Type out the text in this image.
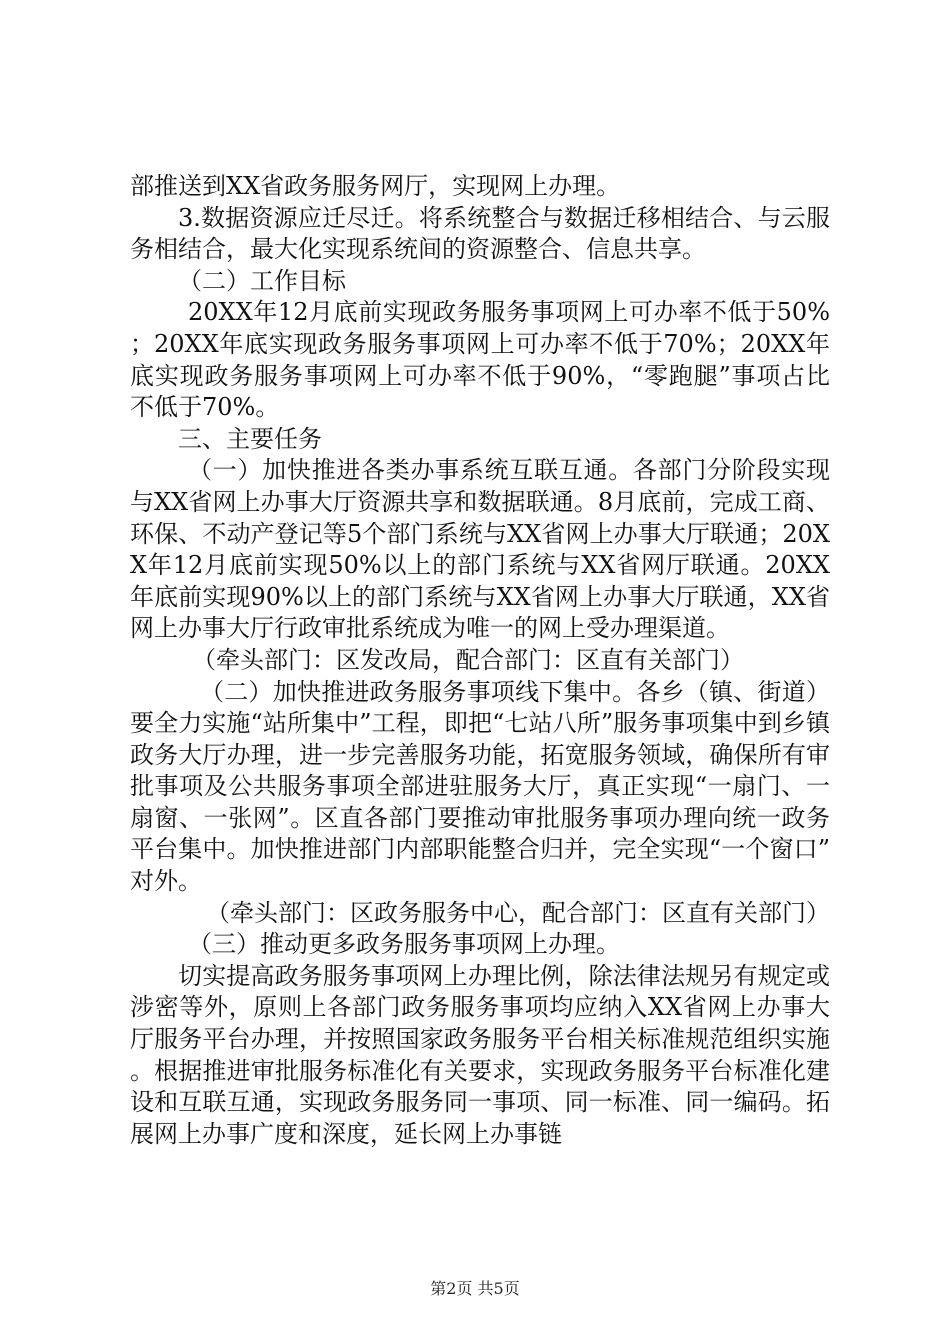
部推送到XX省政务服务网厅，实现网上办理。

3.数据资源应迁尽迁。将系统整合与数据迁移相结合、与云服务相结合，最大化实现系统间的资源整合、信息共享。

（二）工作目标

20XX年12月底前实现政务服务事项网上可办率不低于50%；20XX年底实现政务服务事项网上可办率不低于70%；20XX年底实现政务服务事项网上可办率不低于90%，“零跑腿”事项占比不低于70%。

三、主要任务

（一）加快推进各类办事系统互联互通。各部门分阶段实现与XX省网上办事大厅资源共享和数据联通。8月底前，完成工商、环保、不动产登记等5个部门系统与XX省网上办事大厅联通；20XX年12月底前实现50%以上的部门系统与XX省网厅联通。20XX年底前实现90%以上的部门系统与XX省网上办事大厅联通，XX省网上办事大厅行政审批系统成为唯一的网上受办理渠道。

（牵头部门：区发改局，配合部门：区直有关部门）

（二）加快推进政务服务事项线下集中。各乡（镇、街道）要全力实施“站所集中”工程，即把“七站八所”服务事项集中到乡镇政务大厅办理，进一步完善服务功能，拓宽服务领域，确保所有审批事项及公共服务事项全部进驻服务大厅，真正实现“一扇门、一扇窗、一张网”。区直各部门要推动审批服务事项办理向统一政务平台集中。加快推进部门内部职能整合归并，完全实现“一个窗口”对外。

（牵头部门：区政务服务中心，配合部门：区直有关部门）

（三）推动更多政务服务事项网上办理。

切实提高政务服务事项网上办理比例，除法律法规另有规定或涉密等外，原则上各部门政务服务事项均应纳入XX省网上办事大厅服务平台办理，并按照国家政务服务平台相关标准规范组织实施。根据推进审批服务标准化有关要求，实现政务服务平台标准化建设和互联互通，实现政务服务同一事项、同一标准、同一编码。拓展网上办事广度和深度，延长网上办事链

第2页 共5页
